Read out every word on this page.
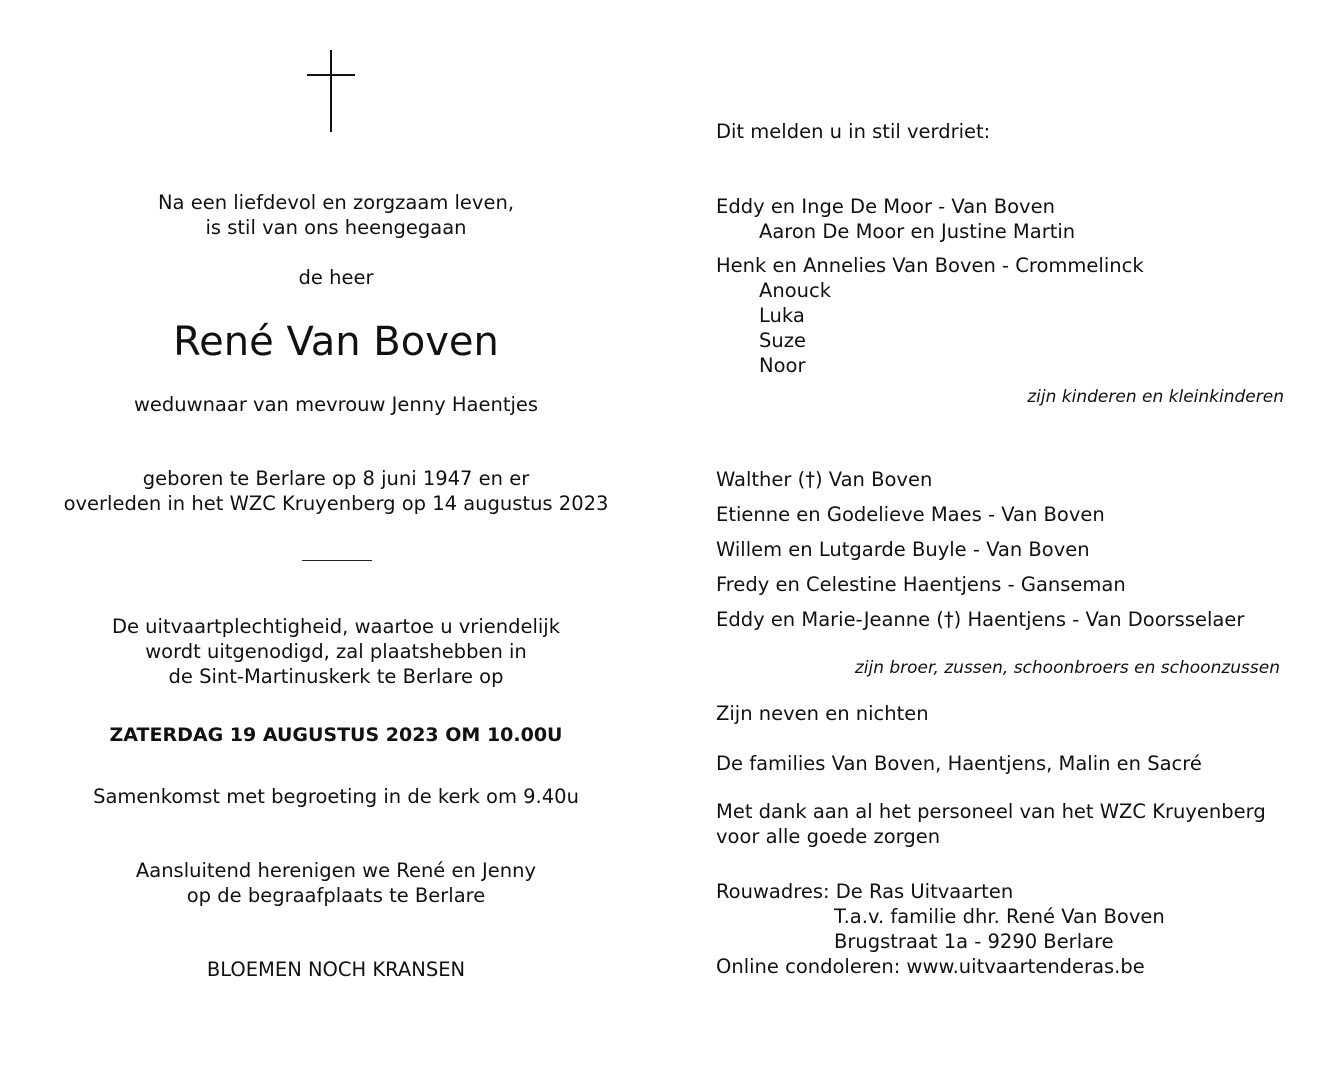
Na een liefdevol en zorgzaam leven,
is stil van ons heengegaan
de heer
René Van Boven
weduwnaar van mevrouw Jenny Haentjes
geboren te Berlare op 8 juni 1947 en er
overleden in het WZC Kruyenberg op 14 augustus 2023
De uitvaartplechtigheid, waartoe u vriendelijk
wordt uitgenodigd, zal plaatshebben in
de Sint-Martinuskerk te Berlare op
ZATERDAG 19 AUGUSTUS 2023 OM 10.00U
Samenkomst met begroeting in de kerk om 9.40u
Aansluitend herenigen we René en Jenny
op de begraafplaats te Berlare
BLOEMEN NOCH KRANSEN
Dit melden u in stil verdriet:
Eddy en Inge De Moor - Van Boven
Aaron De Moor en Justine Martin
Henk en Annelies Van Boven - Crommelinck
Anouck
Luka
Suze
Noor
zijn kinderen en kleinkinderen
Walther (†) Van Boven
Etienne en Godelieve Maes - Van Boven
Willem en Lutgarde Buyle - Van Boven
Fredy en Celestine Haentjens - Ganseman
Eddy en Marie-Jeanne (†) Haentjens - Van Doorsselaer
zijn broer, zussen, schoonbroers en schoonzussen
Zijn neven en nichten
De families Van Boven, Haentjens, Malin en Sacré
Met dank aan al het personeel van het WZC Kruyenberg
voor alle goede zorgen
Rouwadres: De Ras Uitvaarten
T.a.v. familie dhr. René Van Boven
Brugstraat 1a - 9290 Berlare
Online condoleren: www.uitvaartenderas.be
